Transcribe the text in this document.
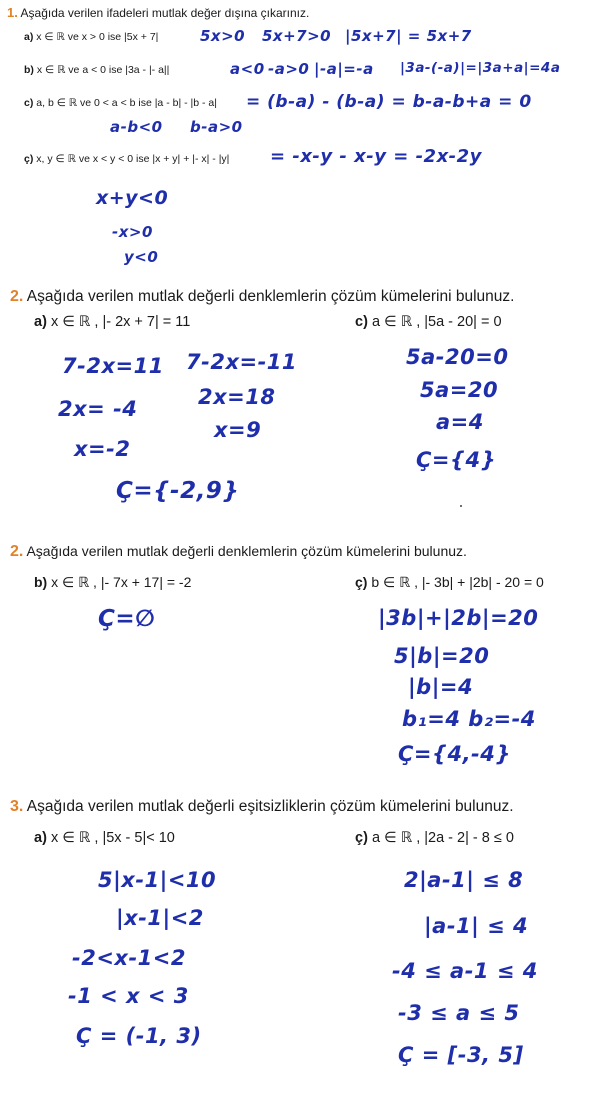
1. Aşağıda verilen ifadeleri mutlak değer dışına çıkarınız.
a) x ∈ ℝ ve x > 0 ise |5x + 7|	5x>0 5x+7>0 |5x+7| = 5x+7
b) x ∈ ℝ ve a < 0 ise |3a - |- a||	a<0 -a>0 |-a|=-a |3a-(-a)|=|3a+a|=4a
c) a, b ∈ ℝ ve 0 < a < b ise |a - b| - |b - a| = (b-a) - (b-a) = b-a-b+a = 0
a-b<0 b-a>0
ç) x, y ∈ ℝ ve x < y < 0 ise |x + y| + |- x| - |y| = -x-y - x-y = -2x-2y
x+y<0
-x>0
y<0
2. Aşağıda verilen mutlak değerli denklemlerin çözüm kümelerini bulunuz.
a) x ∈ ℝ , |- 2x + 7| = 11	c) a ∈ ℝ , |5a - 20| = 0
7-2x=11
2x= -4
x=-2
7-2x=-11
2x=18
x=9
Ç={-2,9}
5a-20=0
5a=20
a=4
Ç={4}
2. Aşağıda verilen mutlak değerli denklemlerin çözüm kümelerini bulunuz.
b) x ∈ ℝ , |- 7x + 17| = -2	ç) b ∈ ℝ , |- 3b| + |2b| - 20 = 0
Ç=∅	|3b|+|2b|=20
5|b|=20
|b|=4
b₁=4 b₂=-4
Ç={4,-4}
3. Aşağıda verilen mutlak değerli eşitsizliklerin çözüm kümelerini bulunuz.
a) x ∈ ℝ , |5x - 5|< 10	ç) a ∈ ℝ , |2a - 2| - 8 ≤ 0
5|x-1|<10
|x-1|<2
-2<x-1<2
-1 < x < 3
Ç = (-1, 3)
2|a-1| ≤ 8
|a-1| ≤ 4
-4 ≤ a-1 ≤ 4
-3 ≤ a ≤ 5
Ç = [-3, 5]
